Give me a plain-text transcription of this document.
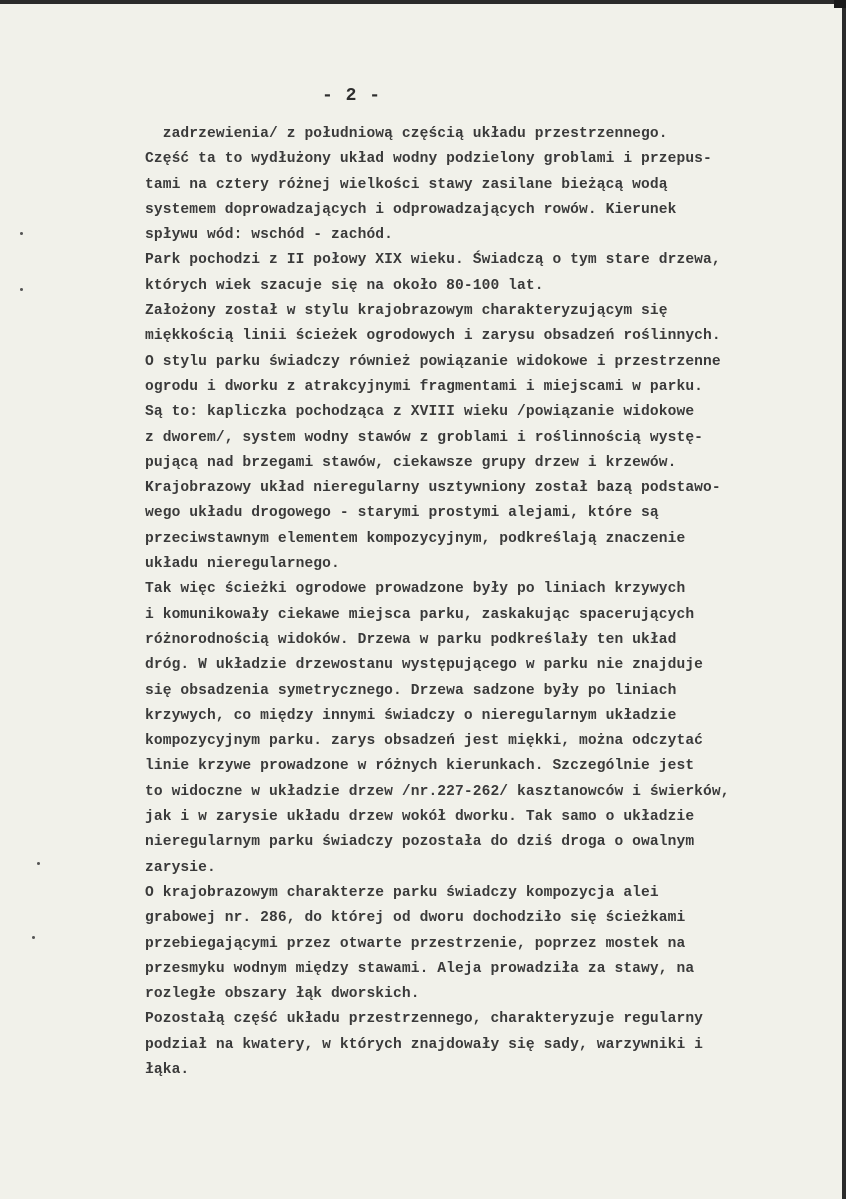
- 2 -
zadrzewienia/ z południową częścią układu przestrzennego.
Część ta to wydłużony układ wodny podzielony groblami i przepus-
tami na cztery różnej wielkości stawy zasilane bieżącą wodą
systemem doprowadzających i odprowadzających rowów. Kierunek
spływu wód: wschód - zachód.
Park pochodzi z II połowy XIX wieku. Świadczą o tym stare drzewa,
których wiek szacuje się na około 80-100 lat.
Założony został w stylu krajobrazowym charakteryzującym się
miękkością linii ścieżek ogrodowych i zarysu obsadzeń roślinnych.
O stylu parku świadczy również powiązanie widokowe i przestrzenne
ogrodu i dworku z atrakcyjnymi fragmentami i miejscami w parku.
Są to: kapliczka pochodząca z XVIII wieku /powiązanie widokowe
z dworem/, system wodny stawów z groblami i roślinnością wystę-
pującą nad brzegami stawów, ciekawsze grupy drzew i krzewów.
Krajobrazowy układ nieregularny usztywniony został bazą podstawo-
wego układu drogowego - starymi prostymi alejami, które są
przeciwstawnym elementem kompozycyjnym, podkreślają znaczenie
układu nieregularnego.
Tak więc ścieżki ogrodowe prowadzone były po liniach krzywych
i komunikowały ciekawe miejsca parku, zaskakując spacerujących
różnorodnością widoków. Drzewa w parku podkreślały ten układ
dróg. W układzie drzewostanu występującego w parku nie znajduje
się obsadzenia symetrycznego. Drzewa sadzone były po liniach
krzywych, co między innymi świadczy o nieregularnym układzie
kompozycyjnym parku. zarys obsadzeń jest miękki, można odczytać
linie krzywe prowadzone w różnych kierunkach. Szczególnie jest
to widoczne w układzie drzew /nr.227-262/ kasztanowców i świerków,
jak i w zarysie układu drzew wokół dworku. Tak samo o układzie
nieregularnym parku świadczy pozostała do dziś droga o owalnym
zarysie.
O krajobrazowym charakterze parku świadczy kompozycja alei
grabowej nr. 286, do której od dworu dochodziło się ścieżkami
przebiegającymi przez otwarte przestrzenie, poprzez mostek na
przesmyku wodnym między stawami. Aleja prowadziła za stawy, na
rozległe obszary łąk dworskich.
Pozostałą część układu przestrzennego, charakteryzuje regularny
podział na kwatery, w których znajdowały się sady, warzywniki i
łąka.
